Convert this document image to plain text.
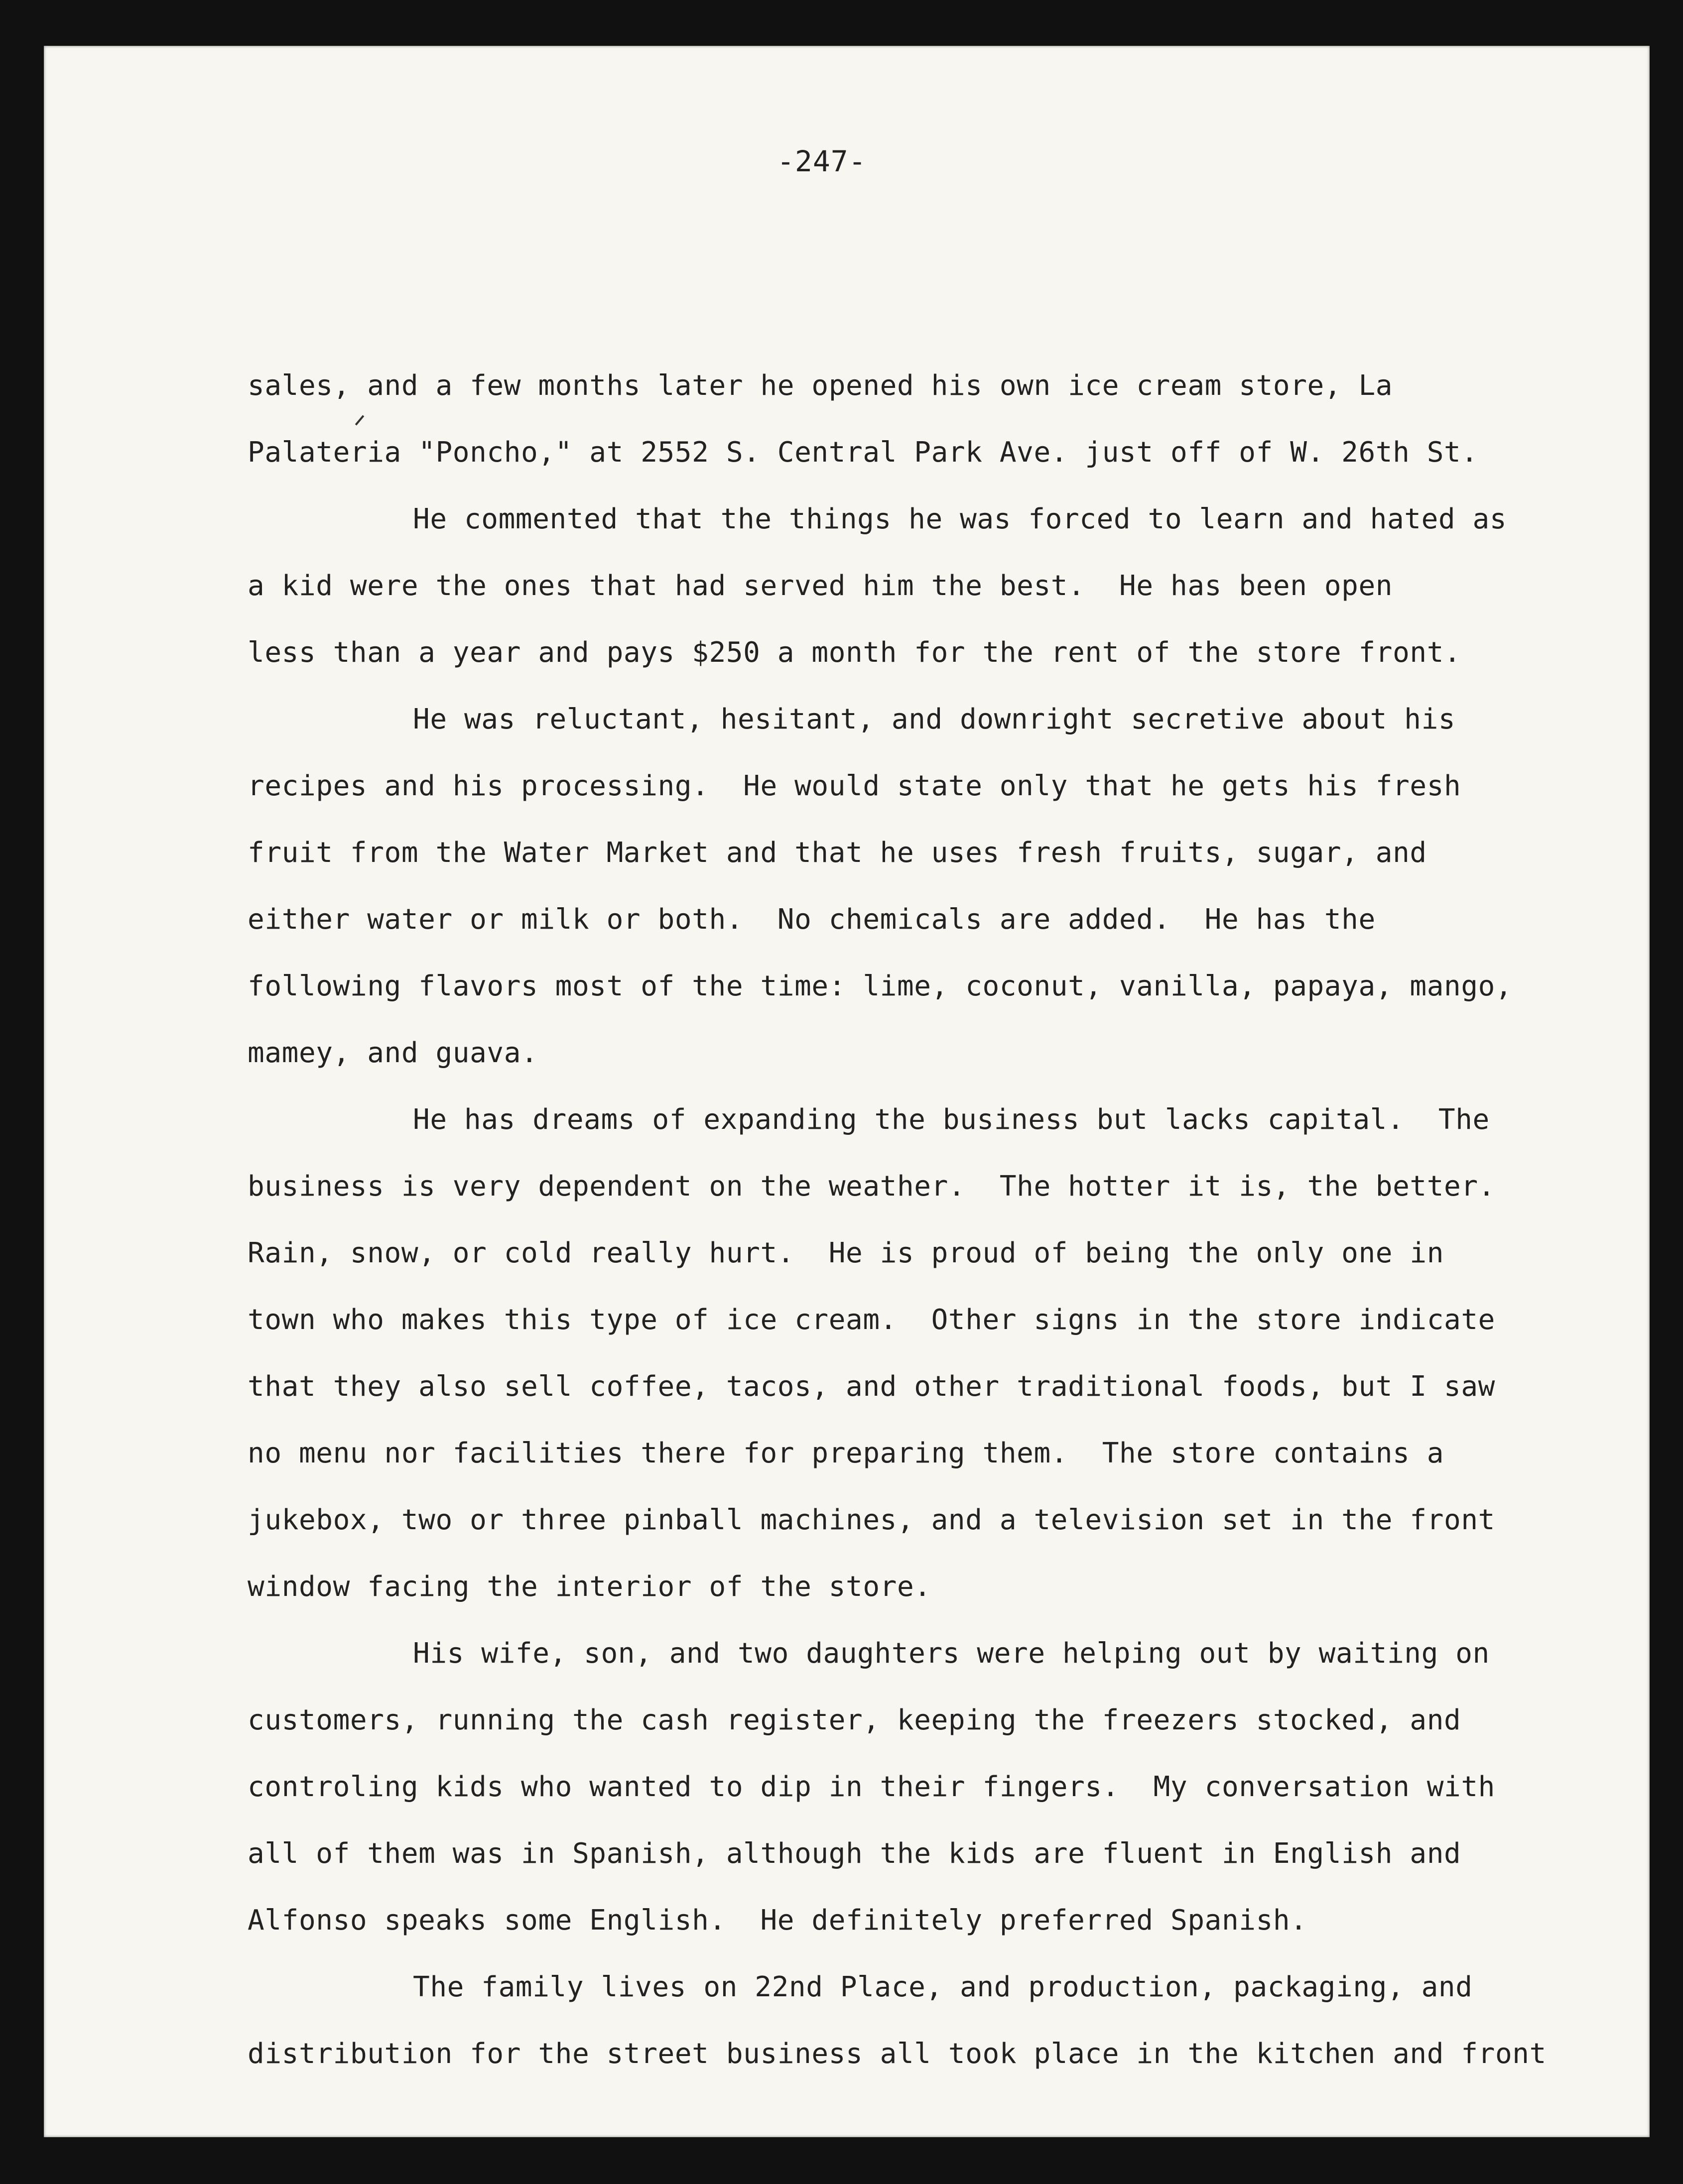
-247-
sales, and a few months later he opened his own ice cream store, La
Palateria "Poncho," at 2552 S. Central Park Ave. just off of W. 26th St.
He commented that the things he was forced to learn and hated as
a kid were the ones that had served him the best.  He has been open
less than a year and pays $250 a month for the rent of the store front.
He was reluctant, hesitant, and downright secretive about his
recipes and his processing.  He would state only that he gets his fresh
fruit from the Water Market and that he uses fresh fruits, sugar, and
either water or milk or both.  No chemicals are added.  He has the
following flavors most of the time: lime, coconut, vanilla, papaya, mango,
mamey, and guava.
He has dreams of expanding the business but lacks capital.  The
business is very dependent on the weather.  The hotter it is, the better.
Rain, snow, or cold really hurt.  He is proud of being the only one in
town who makes this type of ice cream.  Other signs in the store indicate
that they also sell coffee, tacos, and other traditional foods, but I saw
no menu nor facilities there for preparing them.  The store contains a
jukebox, two or three pinball machines, and a television set in the front
window facing the interior of the store.
His wife, son, and two daughters were helping out by waiting on
customers, running the cash register, keeping the freezers stocked, and
controling kids who wanted to dip in their fingers.  My conversation with
all of them was in Spanish, although the kids are fluent in English and
Alfonso speaks some English.  He definitely preferred Spanish.
The family lives on 22nd Place, and production, packaging, and
distribution for the street business all took place in the kitchen and front
